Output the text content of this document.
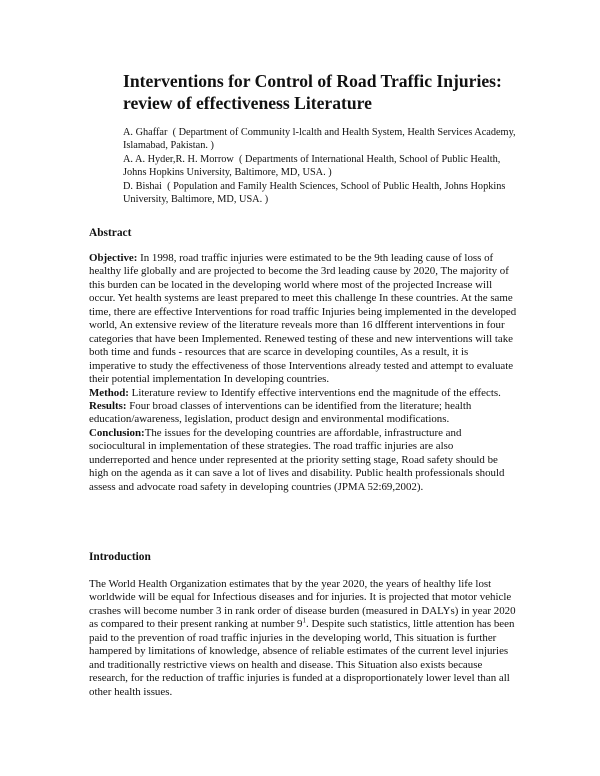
Interventions for Control of Road Traffic Injuries:
review of effectiveness Literature

A. Ghaffar ( Department of Community l-lcalth and Health System, Health Services Academy, Islamabad, Pakistan. )

A. A. Hyder,R. H. Morrow ( Departments of International Health, School of Public Health, Johns Hopkins University, Baltimore, MD, USA. )

D. Bishai ( Population and Family Health Sciences, School of Public Health, Johns Hopkins University, Baltimore, MD, USA. )

Abstract

Objective: In 1998, road traffic injuries were estimated to be the 9th leading cause of loss of healthy life globally and are projected to become the 3rd leading cause by 2020, The majority of this burden can be located in the developing world where most of the projected Increase will occur. Yet health systems are least prepared to meet this challenge In these countries. At the same time, there are effective Interventions for road traffic Injuries being implemented in the developed world, An extensive review of the literature reveals more than 16 dIfferent interventions in four categories that have been Implemented. Renewed testing of these and new interventions will take both time and funds - resources that are scarce in developing countiles, As a result, it is imperative to study the effectiveness of those Interventions already tested and attempt to evaluate their potential implementation In developing countries.

Method: Literature review to Identify effective interventions end the magnitude of the effects.

Results: Four broad classes of interventions can be identified from the literature; health education/awareness, legislation, product design and environmental modifications.

Conclusion:The issues for the developing countries are affordable, infrastructure and sociocultural in implementation of these strategies. The road traffic injuries are also underreported and hence under represented at the priority setting stage, Road safety should be high on the agenda as it can save a lot of lives and disability. Public health professionals should assess and advocate road safety in developing countries (JPMA 52:69,2002).

Introduction

The World Health Organization estimates that by the year 2020, the years of healthy life lost worldwide will be equal for Infectious diseases and for injuries. It is projected that motor vehicle crashes will become number 3 in rank order of disease burden (measured in DALYs) in year 2020 as compared to their present ranking at number $9^1$. Despite such statistics, little attention has been paid to the prevention of road traffic injuries in the developing world, This situation is further hampered by limitations of knowledge, absence of reliable estimates of the current level injuries and traditionally restrictive views on health and disease. This Situation also exists because research, for the reduction of traffic injuries is funded at a disproportionately lower level than all other health issues.
